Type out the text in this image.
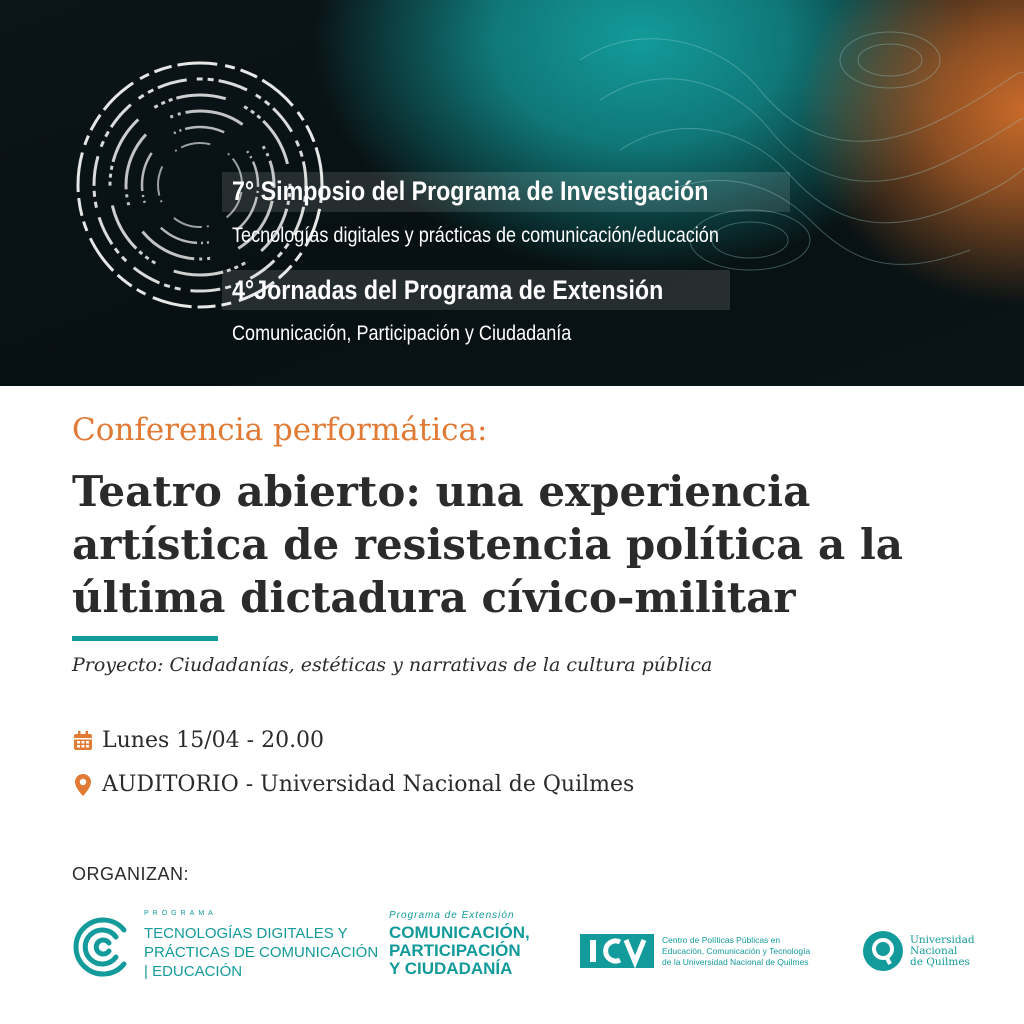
7° Simposio del Programa de Investigación
Tecnologías digitales y prácticas de comunicación/educación
4°Jornadas del Programa de Extensión
Comunicación, Participación y Ciudadanía
Conferencia performática:
Teatro abierto: una experiencia
artística de resistencia política a la
última dictadura cívico-militar
Proyecto: Ciudadanías, estéticas y narrativas de la cultura pública
Lunes 15/04 - 20.00
AUDITORIO - Universidad Nacional de Quilmes
ORGANIZAN:
PROGRAMA
TECNOLOGÍAS DIGITALES Y
PRÁCTICAS DE COMUNICACIÓN
| EDUCACIÓN
Programa de Extensión
COMUNICACIÓN,
PARTICIPACIÓN
Y CIUDADANÍA
Centro de Políticas Públicas en
Educación, Comunicación y Tecnología
de la Universidad Nacional de Quilmes
Universidad
Nacional
de Quilmes
